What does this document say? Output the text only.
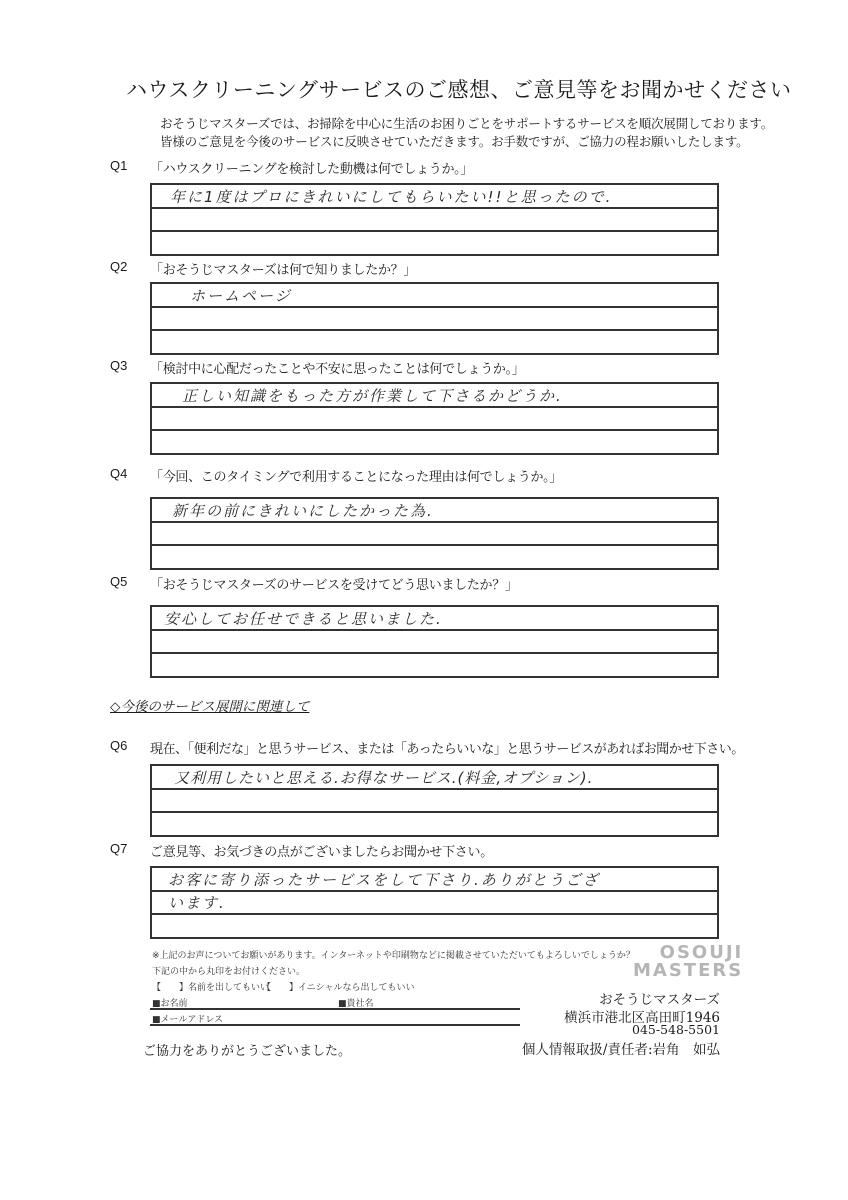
ハウスクリーニングサービスのご感想、ご意見等をお聞かせください
おそうじマスターズでは、お掃除を中心に生活のお困りごとをサポートするサービスを順次展開しております。
皆様のご意見を今後のサービスに反映させていただきます。お手数ですが、ご協力の程お願いしたします。
Q1 「ハウスクリーニングを検討した動機は何でしょうか。」
年に1度はプロにきれいにしてもらいたい!!と思ったので.
Q2 「おそうじマスターズは何で知りましたか？」
ホームページ
Q3 「検討中に心配だったことや不安に思ったことは何でしょうか。」
正しい知識をもった方が作業して下さるかどうか.
Q4 「今回、このタイミングで利用することになった理由は何でしょうか。」
新年の前にきれいにしたかった為.
Q5 「おそうじマスターズのサービスを受けてどう思いましたか？」
安心してお任せできると思いました.
◇今後のサービス展開に関連して
Q6 現在、「便利だな」と思うサービス、または「あったらいいな」と思うサービスがあればお聞かせ下さい。
又利用したいと思える.お得なサービス.(料金,オプション).
Q7 ご意見等、お気づきの点がございましたらお聞かせ下さい。
お客に寄り添ったサービスをして下さり.ありがとうござ
います.
※上記のお声についてお願いがあります。インターネットや印刷物などに掲載させていただいてもよろしいでしょうか？
下記の中から丸印をお付けください。
【　　】名前を出してもいい
【　　】イニシャルなら出してもいい
■お名前	■貴社名
■メールアドレス
ご協力をありがとうございました。
OSOUJI
MASTERS
おそうじマスターズ
横浜市港北区高田町1946
045-548-5501
個人情報取扱/責任者:岩角　如弘
